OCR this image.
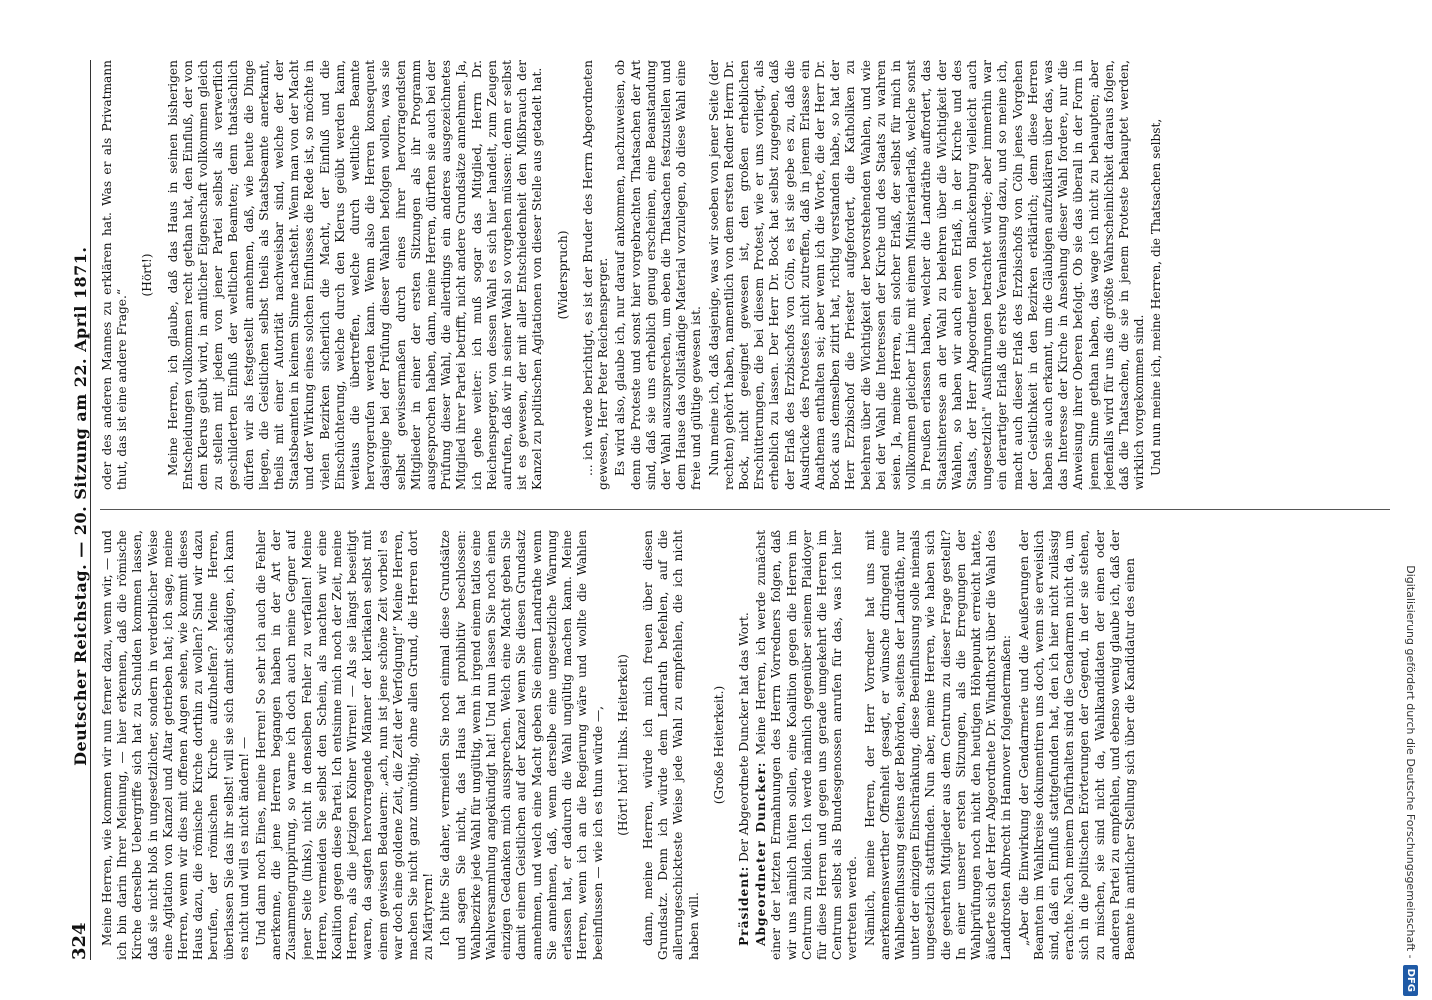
324
Deutscher Reichstag. — 20. Sitzung am 22. April 1871. Meine Herren, wie kommen wir nun ferner dazu, wenn wir, — und ich bin darin Ihrer Meinung, — hier erkennen, daß die römische Kirche derselbe Uebergriffe sich hat zu Schulden kommen lassen, daß sie nicht bloß in ungesetzlicher, sondern in verderblicher Weise eine Agitation von Kanzel und Altar getrieben hat; ich sage, meine Herren, wenn wir dies mit offenen Augen sehen, wie kommt dieses Haus dazu, die römische Kirche dorthin zu wollen? Sind wir dazu berufen, der römischen Kirche aufzuhelfen? Meine Herren, überlassen Sie das ihr selbst! will sie sich damit schädigen, ich kann es nicht und will es nicht ändern! — Und dann noch Eines, meine Herren! So sehr ich auch die Fehler anerkenne, die jene Herren begangen haben in der Art der Zusammengruppirung, so warne ich doch auch meine Gegner auf jener Seite (links), nicht in denselben Fehler zu verfallen! Meine Herren, vermeiden Sie selbst den Schein, als machten wir eine Koalition gegen diese Partei. Ich entsinne mich noch der Zeit, meine Herren, als die jetzigen Kölner Wirren! — Als sie längst beseitigt waren, da sagten hervorragende Männer der klerikalen selbst mit einem gewissen Bedauern: „ach, nun ist jene schöne Zeit vorbei! es war doch eine goldene Zeit, die Zeit der Verfolgung!“ Meine Herren, machen Sie nicht ganz unnöthig, ohne allen Grund, die Herren dort zu Märtyrern! Ich bitte Sie daher, vermeiden Sie noch einmal diese Grundsätze und sagen Sie nicht, das Haus hat prohibitiv beschlossen: Wahlbezirke jede Wahl für ungültig, wenn in irgend einem tatlos eine Wahlversammlung angekündigt hat! Und nun lassen Sie noch einen einzigen Gedanken mich aussprechen. Welch eine Macht geben Sie damit einem Geistlichen auf der Kanzel wenn Sie diesen Grundsatz annehmen, und welch eine Macht geben Sie einem Landrathe wenn Sie annehmen, daß, wenn derselbe eine ungesetzliche Warnung erlassen hat, er dadurch die Wahl ungültig machen kann. Meine Herren, wenn ich an die Regierung wäre und wollte die Wahlen beeinflussen — wie ich es thun würde —, (Hört! hört! links. Heiterkeit) dann, meine Herren, würde ich mich freuen über diesen Grundsatz. Denn ich würde dem Landrath befehlen, auf die allerungeschickteste Weise jede Wahl zu empfehlen, die ich nicht haben will.

(Große Heiterkeit.)

Präsident: Der Abgeordnete Duncker hat das Wort. Abgeordneter Duncker: Meine Herren, ich werde zunächst einer der letzten Ermahnungen des Herrn Vorredners folgen, daß wir uns nämlich hüten sollen, eine Koalition gegen die Herren im Centrum zu bilden. Ich werde nämlich gegenüber seinem Plaidoyer für diese Herren und gegen uns gerade umgekehrt die Herren im Centrum selbst als Bundesgenossen anrufen für das, was ich hier vertreten werde. Nämlich, meine Herren, der Herr Vorredner hat uns mit anerkennenswerther Offenheit gesagt, er wünsche dringend eine Wahlbeeinflussung seitens der Behörden, seitens der Landräthe, nur unter der einzigen Einschränkung, diese Beeinflussung solle niemals ungesetzlich stattfinden. Nun aber, meine Herren, wie haben sich die geehrten Mitglieder aus dem Centrum zu dieser Frage gestellt? In einer unserer ersten Sitzungen, als die Erregungen der Wahlprüfungen noch nicht den heutigen Höhepunkt erreicht hatte, äußerte sich der Herr Abgeordnete Dr. Windthorst über die Wahl des Landdrosten Albrecht in Hannover folgendermaßen: „Aber die Einwirkung der Gendarmerie und die Aeußerungen der Beamten im Wahlkreise dokumentiren uns doch, wenn sie erweislich sind, daß ein Einfluß stattgefunden hat, den ich hier nicht zulässig erachte. Nach meinem Dafürhalten sind die Gendarmen nicht da, um sich in die politischen Erörterungen der Gegend, in der sie stehen, zu mischen, sie sind nicht da, Wahlkandidaten der einen oder anderen Partei zu empfehlen, und ebenso wenig glaube ich, daß der Beamte in amtlicher Stellung sich über die Kandidatur des einen

oder des anderen Mannes zu erklären hat. Was er als Privatmann thut, das ist eine andere Frage.“

(Hört!) Meine Herren, ich glaube, daß das Haus in seinen bisherigen Entscheidungen vollkommen recht gethan hat, den Einfluß, der von dem Klerus geübt wird, in amtlicher Eigenschaft vollkommen gleich zu stellen mit jedem von jener Partei selbst als verwerflich geschilderten Einfluß der weltlichen Beamten; denn thatsächlich dürfen wir als festgestellt annehmen, daß, wie heute die Dinge liegen, die Geistlichen selbst theils als Staatsbeamte anerkannt, theils mit einer Autorität nachweisbar sind, welche der der Staatsbeamten in keinem Sinne nachsteht. Wenn man von der Macht und der Wirkung eines solchen Einflusses die Rede ist, so möchte in vielen Bezirken sicherlich die Macht, der Einfluß und die Einschüchterung, welche durch den Klerus geübt werden kann, weitaus die übertreffen, welche durch weltliche Beamte hervorgerufen werden kann. Wenn also die Herren konsequent dasjenige bei der Prüfung dieser Wahlen befolgen wollen, was sie selbst gewissermaßen durch eines ihrer hervorragendsten Mitglieder in einer der ersten Sitzungen als ihr Programm ausgesprochen haben, dann, meine Herren, dürften sie auch bei der Prüfung dieser Wahl, die allerdings ein anderes ausgezeichnetes Mitglied ihrer Partei betrifft, nicht andere Grundsätze annehmen. Ja, ich gehe weiter: ich muß sogar das Mitglied, Herrn Dr. Reichensperger, von dessen Wahl es sich hier handelt, zum Zeugen aufrufen, daß wir in seiner Wahl so vorgehen müssen: denn er selbst ist es gewesen, der mit aller Entschiedenheit den Mißbrauch der Kanzel zu politischen Agitationen von dieser Stelle aus getadelt hat. (Widerspruch) ... ich werde berichtigt, es ist der Bruder des Herrn Abgeordneten gewesen, Herr Peter Reichensperger. Es wird also, glaube ich, nur darauf ankommen, nachzuweisen, ob denn die Proteste und sonst hier vorgebrachten Thatsachen der Art sind, daß sie uns erheblich genug erscheinen, eine Beanstandung der Wahl auszusprechen, um eben die Thatsachen festzustellen und dem Hause das vollständige Material vorzulegen, ob diese Wahl eine freie und gültige gewesen ist. Nun meine ich, daß dasjenige, was wir soeben von jener Seite (der rechten) gehört haben, namentlich von dem ersten Redner Herrn Dr. Bock, nicht geeignet gewesen ist, den großen erheblichen Erschütterungen, die bei diesem Protest, wie er uns vorliegt, als erheblich zu lassen. Der Herr Dr. Bock hat selbst zugegeben, daß der Erlaß des Erzbischofs von Cöln, es ist sie gebe es zu, daß die Ausdrücke des Protestes nicht zutreffen, daß in jenem Erlasse ein Anathema enthalten sei; aber wenn ich die Worte, die der Herr Dr. Bock aus demselben zitirt hat, richtig verstanden habe, so hat der Herr Erzbischof die Priester aufgefordert, die Katholiken zu belehren über die Wichtigkeit der bevorstehenden Wahlen, und wie bei der Wahl die Interessen der Kirche und des Staats zu wahren seien. Ja, meine Herren, ein solcher Erlaß, der selbst für mich in vollkommen gleicher Linie mit einem Ministerialerlaß, welche sonst in Preußen erlassen haben, welcher die Landräthe auffordert, das Staatsinteresse an der Wahl zu belehren über die Wichtigkeit der Wahlen, so haben wir auch einen Erlaß, in der Kirche und des Staats, der Herr Abgeordneter von Blanckenburg vielleicht auch ungesetzlich" Ausführungen betrachtet würde; aber immerhin war ein derartiger Erlaß die erste Veranlassung dazu, und so meine ich, macht auch dieser Erlaß des Erzbischofs von Cöln jenes Vorgehen der Geistlichkeit in den Bezirken erklärlich; denn diese Herren haben sie auch erkannt, um die Gläubigen aufzuklären über das, was das Interesse der Kirche in Ansehung dieser Wahl fordere, nur die Anweisung ihrer Oberen befolgt. Ob sie das überall in der Form in jenem Sinne gethan haben, das wage ich nicht zu behaupten; aber jedenfalls wird für uns die größte Wahrscheinlichkeit daraus folgen, daß die Thatsachen, die sie in jenem Proteste behauptet werden, wirklich vorgekommen sind. Und nun meine ich, meine Herren, die Thatsachen selbst,

Digitalisierung gefördert durch die Deutsche Forschungsgemeinschaft -
DFG
